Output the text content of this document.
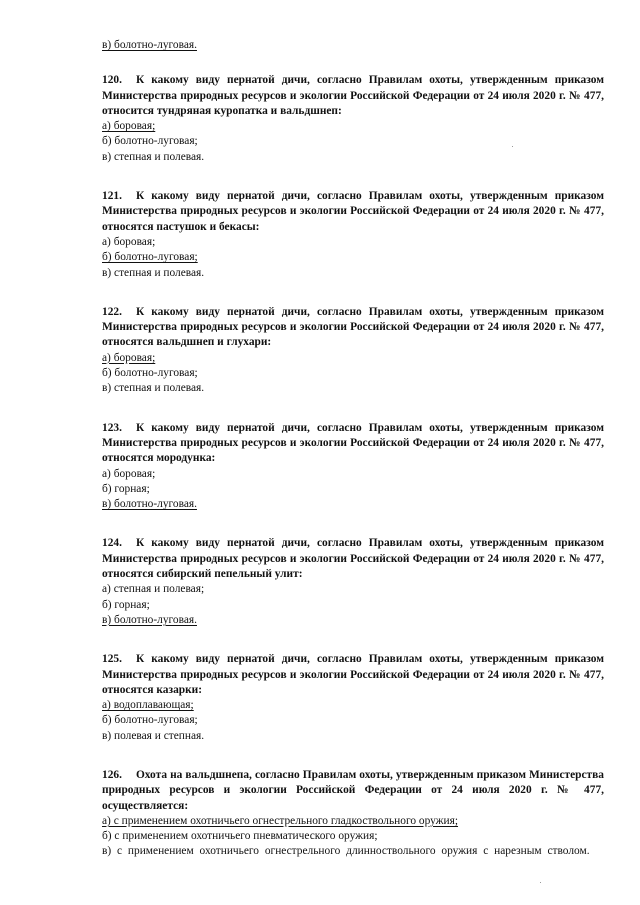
в) болотно-луговая.
120. К какому виду пернатой дичи, согласно Правилам охоты, утвержденным приказом Министерства природных ресурсов и экологии Российской Федерации от 24 июля 2020 г. № 477, относится тундряная куропатка и вальдшнеп:
а) боровая;
б) болотно-луговая;
в) степная и полевая.
121. К какому виду пернатой дичи, согласно Правилам охоты, утвержденным приказом Министерства природных ресурсов и экологии Российской Федерации от 24 июля 2020 г. № 477, относятся пастушок и бекасы:
а) боровая;
б) болотно-луговая;
в) степная и полевая.
122. К какому виду пернатой дичи, согласно Правилам охоты, утвержденным приказом Министерства природных ресурсов и экологии Российской Федерации от 24 июля 2020 г. № 477, относятся вальдшнеп и глухари:
а) боровая;
б) болотно-луговая;
в) степная и полевая.
123. К какому виду пернатой дичи, согласно Правилам охоты, утвержденным приказом Министерства природных ресурсов и экологии Российской Федерации от 24 июля 2020 г. № 477, относятся мородунка:
а) боровая;
б) горная;
в) болотно-луговая.
124. К какому виду пернатой дичи, согласно Правилам охоты, утвержденным приказом Министерства природных ресурсов и экологии Российской Федерации от 24 июля 2020 г. № 477, относятся сибирский пепельный улит:
а) степная и полевая;
б) горная;
в) болотно-луговая.
125. К какому виду пернатой дичи, согласно Правилам охоты, утвержденным приказом Министерства природных ресурсов и экологии Российской Федерации от 24 июля 2020 г. № 477, относятся казарки:
а) водоплавающая;
б) болотно-луговая;
в) полевая и степная.
126. Охота на вальдшнепа, согласно Правилам охоты, утвержденным приказом Министерства природных ресурсов и экологии Российской Федерации от 24 июля 2020 г. № 477, осуществляется:
а) с применением охотничьего огнестрельного гладкоствольного оружия;
б) с применением охотничьего пневматического оружия;
в) с применением охотничьего огнестрельного длинноствольного оружия с нарезным стволом.
